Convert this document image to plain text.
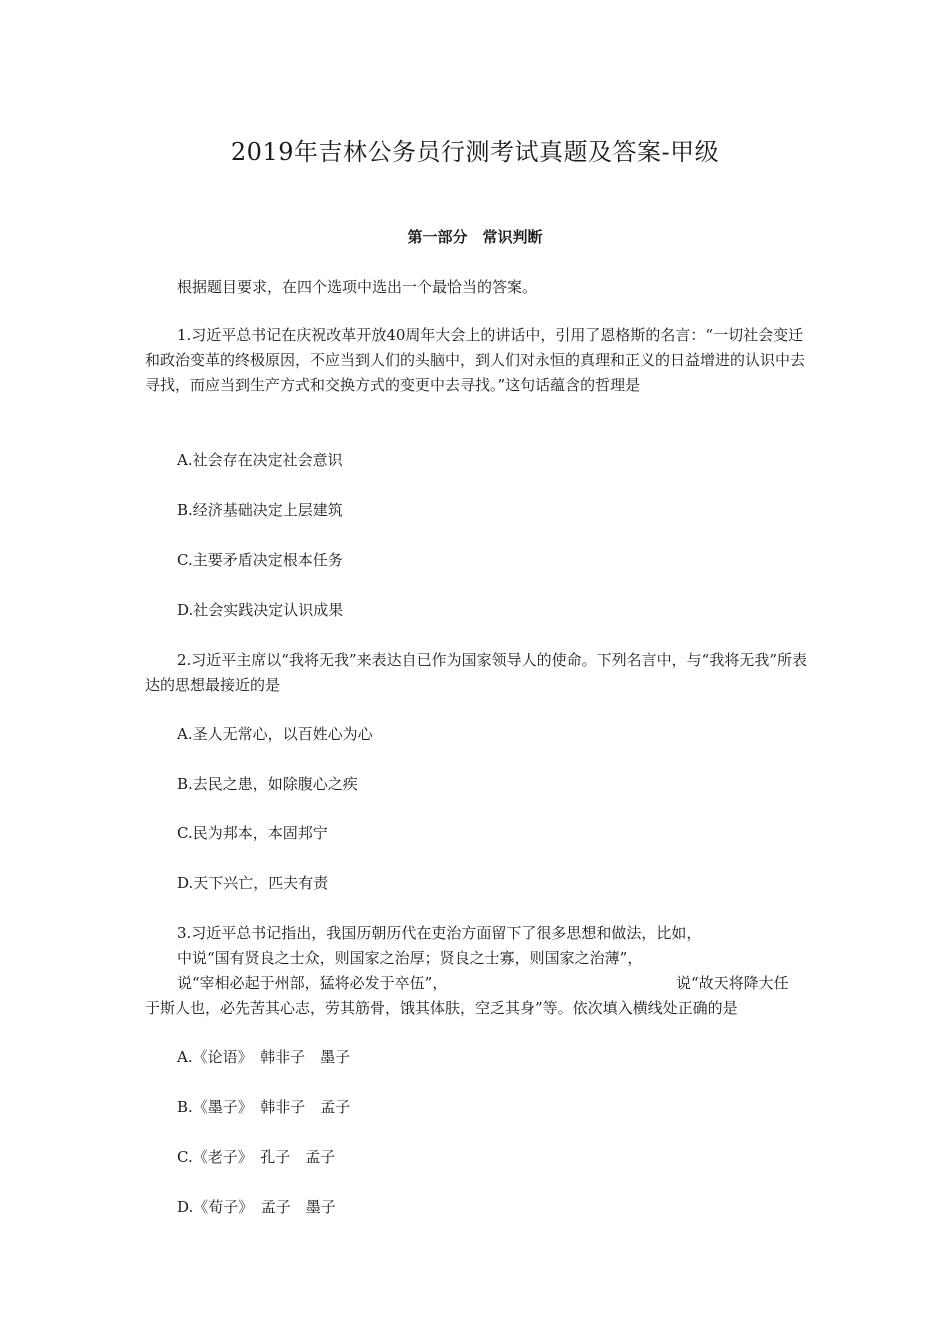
2019年吉林公务员行测考试真题及答案-甲级
第一部分　常识判断
根据题目要求，在四个选项中选出一个最恰当的答案。
1.习近平总书记在庆祝改革开放40周年大会上的讲话中，引用了恩格斯的名言：“一切社会变迁和政治变革的终极原因，不应当到人们的头脑中，到人们对永恒的真理和正义的日益增进的认识中去寻找，而应当到生产方式和交换方式的变更中去寻找。”这句话蕴含的哲理是
A.社会存在决定社会意识
B.经济基础决定上层建筑
C.主要矛盾决定根本任务
D.社会实践决定认识成果
2.习近平主席以“我将无我”来表达自已作为国家领导人的使命。下列名言中，与“我将无我”所表达的思想最接近的是
A.圣人无常心，以百姓心为心
B.去民之患，如除腹心之疾
C.民为邦本，本固邦宁
D.天下兴亡，匹夫有责
3.习近平总书记指出，我国历朝历代在吏治方面留下了很多思想和做法，比如，
中说“国有贤良之士众，则国家之治厚；贤良之士寡，则国家之治薄”，
说“宰相必起于州部，猛将必发于卒伍”，	说“故天将降大任
于斯人也，必先苦其心志，劳其筋骨，饿其体肤，空乏其身”等。依次填入横线处正确的是
A.《论语》　韩非子　墨子
B.《墨子》　韩非子　孟子
C.《老子》　孔子　孟子
D.《荀子》　孟子　墨子
